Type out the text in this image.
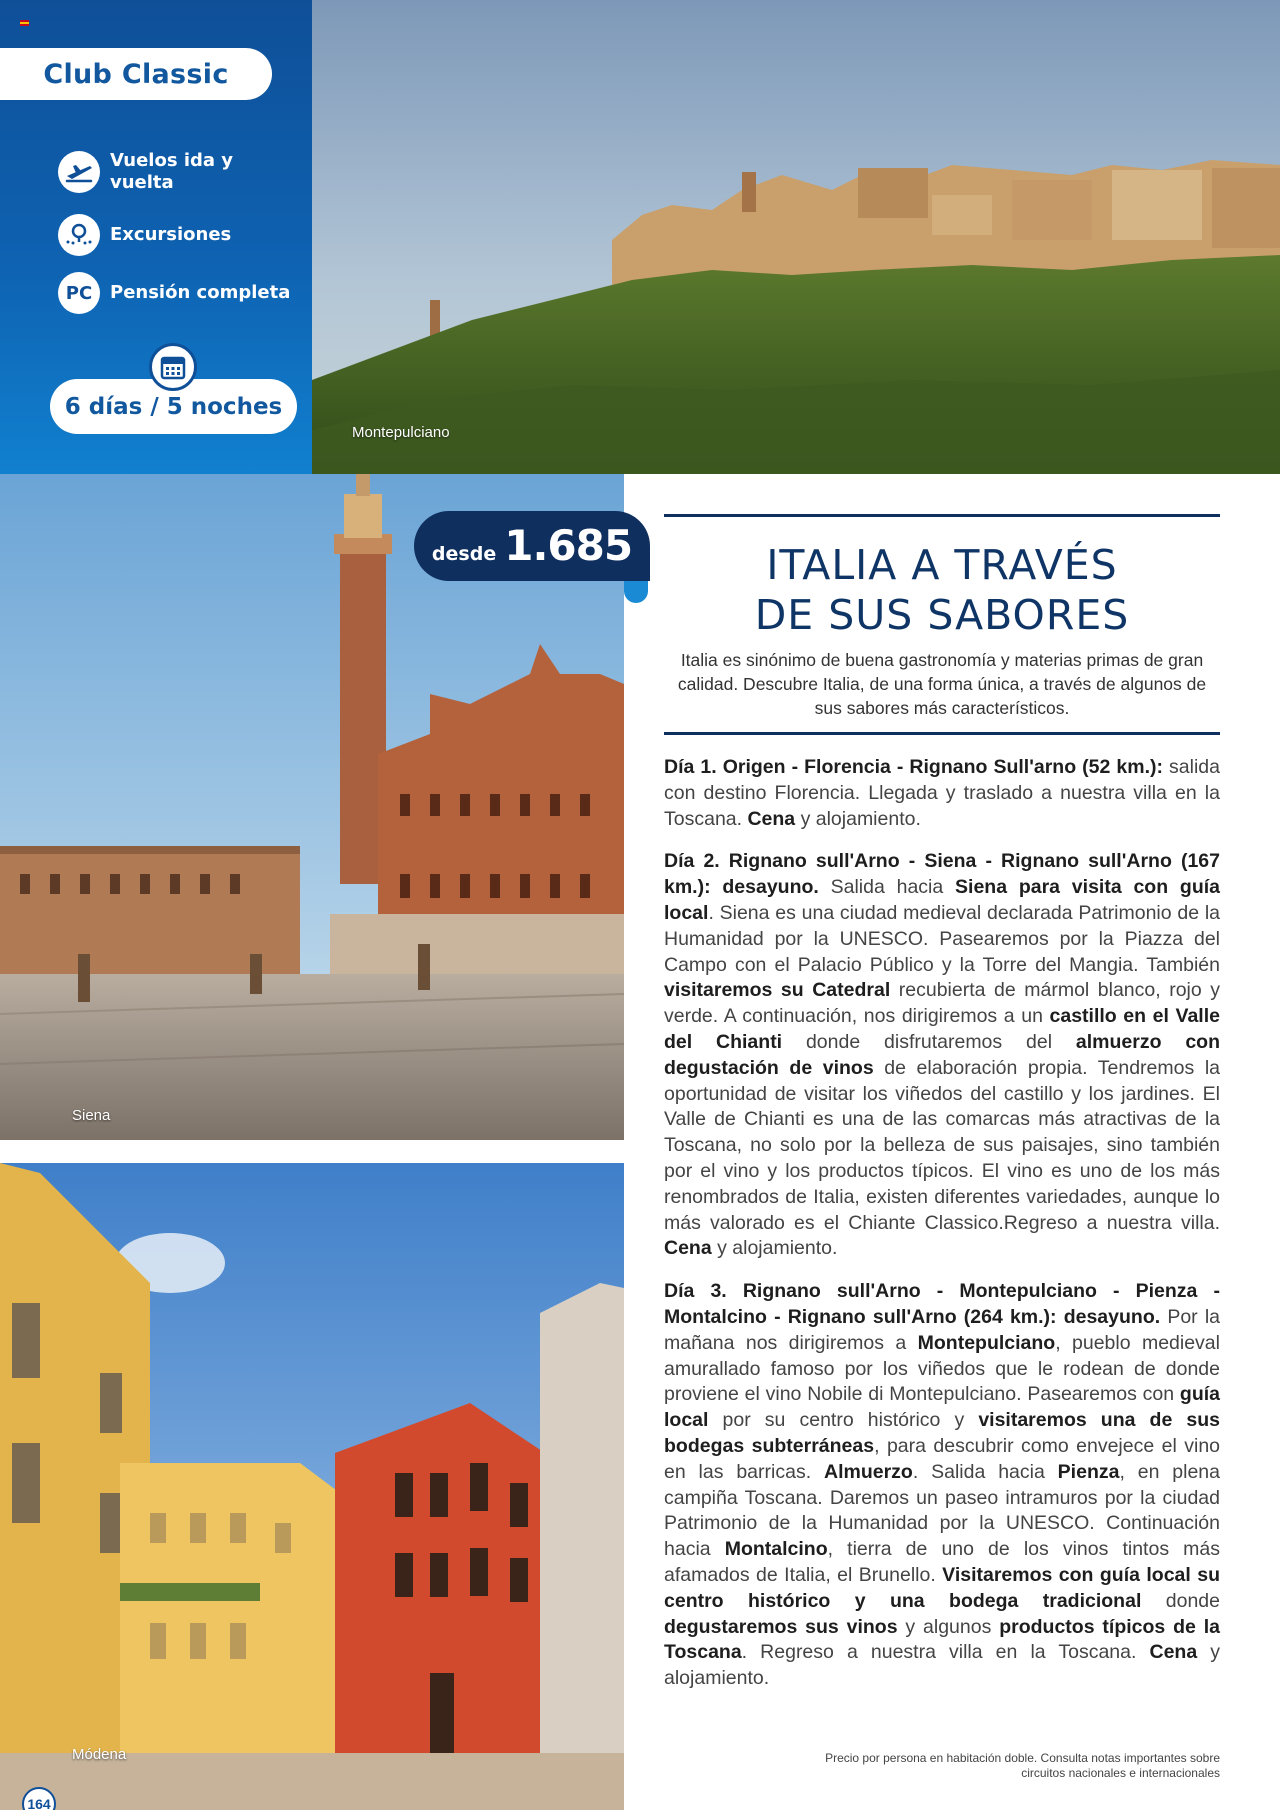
Club Classic
Vuelos ida y
vuelta
Excursiones
PC Pensión completa
6 días / 5 noches
Montepulciano
Siena
Módena
desde 1.685	ITALIA A TRAVÉS
DE SUS SABORES
Italia es sinónimo de buena gastronomía y materias primas de gran calidad. Descubre Italia, de una forma única, a través de algunos de sus sabores más característicos.

Día 1. Origen - Florencia - Rignano Sull'arno (52 km.): salida con destino Florencia. Llegada y traslado a nuestra villa en la Toscana. Cena y alojamiento.

Día 2. Rignano sull'Arno - Siena - Rignano sull'Arno (167 km.): desayuno. Salida hacia Siena para visita con guía local. Siena es una ciudad medieval declarada Patrimonio de la Humanidad por la UNESCO. Pasearemos por la Piazza del Campo con el Palacio Público y la Torre del Mangia. También visitaremos su Catedral recubierta de mármol blanco, rojo y verde. A continuación, nos dirigiremos a un castillo en el Valle del Chianti donde disfrutaremos del almuerzo con degustación de vinos de elaboración propia. Tendremos la oportunidad de visitar los viñedos del castillo y los jardines. El Valle de Chianti es una de las comarcas más atractivas de la Toscana, no solo por la belleza de sus paisajes, sino también por el vino y los productos típicos. El vino es uno de los más renombrados de Italia, existen diferentes variedades, aunque lo más valorado es el Chiante Classico.Regreso a nuestra villa. Cena y alojamiento.

Día 3. Rignano sull'Arno - Montepulciano - Pienza - Montalcino - Rignano sull'Arno (264 km.): desayuno. Por la mañana nos dirigiremos a Montepulciano, pueblo medieval amurallado famoso por los viñedos que le rodean de donde proviene el vino Nobile di Montepulciano. Pasearemos con guía local por su centro histórico y visitaremos una de sus bodegas subterráneas, para descubrir como envejece el vino en las barricas. Almuerzo. Salida hacia Pienza, en plena campiña Toscana. Daremos un paseo intramuros por la ciudad Patrimonio de la Humanidad por la UNESCO. Continuación hacia Montalcino, tierra de uno de los vinos tintos más afamados de Italia, el Brunello. Visitaremos con guía local su centro histórico y una bodega tradicional donde degustaremos sus vinos y algunos productos típicos de la Toscana. Regreso a nuestra villa en la Toscana. Cena y alojamiento.

164
Precio por persona en habitación doble. Consulta notas importantes sobre
circuitos nacionales e internacionales
